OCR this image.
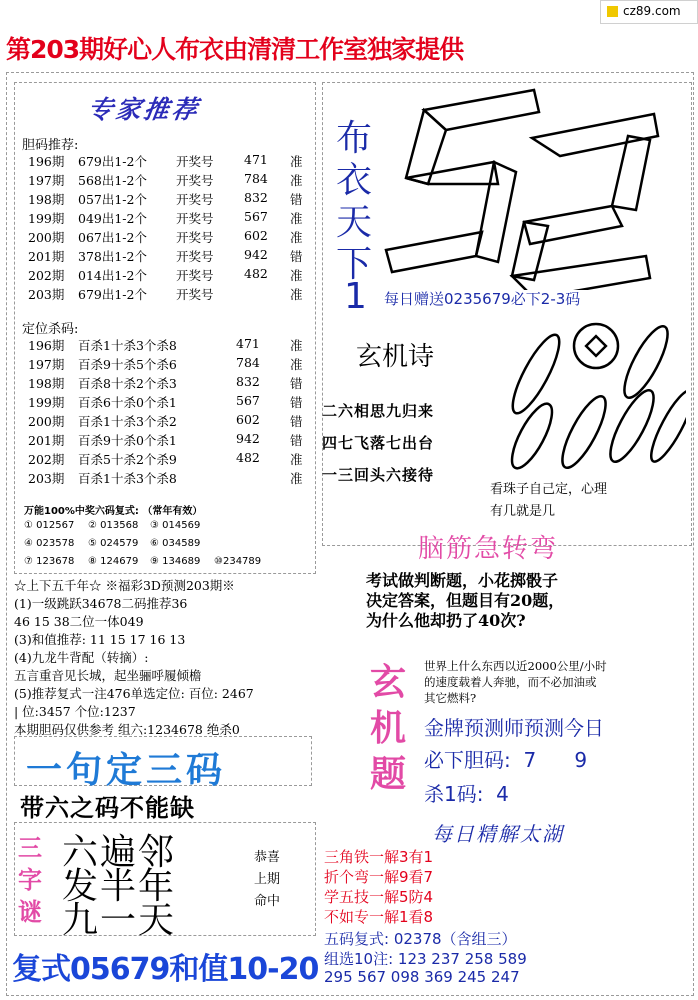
cz89.com
第203期好心人布衣由清清工作室独家提供
专家推荐
胆码推荐:
196期 679出1-2个 开奖号 471 准
197期 568出1-2个 开奖号 784 准
198期 057出1-2个 开奖号 832 错
199期 049出1-2个 开奖号 567 准
200期 067出1-2个 开奖号 602 准
201期 378出1-2个 开奖号 942 错
202期 014出1-2个 开奖号 482 准
203期 679出1-2个 开奖号	准
定位杀码:
196期 百杀1十杀3个杀8	471 准
197期 百杀9十杀5个杀6	784 准
198期 百杀8十杀2个杀3	832 错
199期 百杀6十杀0个杀1	567 错
200期 百杀1十杀3个杀2	602 错
201期 百杀9十杀0个杀1	942 错
202期 百杀5十杀2个杀9	482 准
203期 百杀1十杀3个杀8	准
万能100%中奖六码复式: （常年有效）
① 012567 ② 013568 ③ 014569
④ 023578 ⑤ 024579 ⑥ 034589
⑦ 123678 ⑧ 124679 ⑨ 134689 ⑩234789
☆上下五千年☆ ※福彩3D预测203期※
(1)一级跳跃34678二码推荐36
46 15 38二位一体049
(3)和值推荐: 11 15 17 16 13
(4)九龙牛背配（转摘）:
五言重音见长城，起坐骊呼履倾檐
(5)推荐复式一注476单选定位: 百位: 2467
| 位:3457 个位:1237
本期胆码仅供参考 组六:1234678 绝杀0
一句定三码
带六之码不能缺
三
字
谜
六遍邻
发半年
九一天
恭喜
上期
命中
复式05679和值10-20
布
衣
天
下
1 每日赠送0235679必下2-3码
玄机诗
二六相思九归来
四七飞落七出台
一三回头六接待
看珠子自己定，心理
有几就是几
脑筋急转弯
考试做判断题，小花掷骰子
决定答案，但题目有20题，
为什么他却扔了40次?
玄
机
题
世界上什么东西以近2000公里/小时
的速度载着人奔驰，而不必加油或
其它燃料?
金牌预测师预测今日
必下胆码:  7      9
杀1码:  4
每日精解太湖
三角铁一解3有1
折个弯一解9看7
学五技一解5防4
不如专一解1看8
五码复式: 02378（含组三）
组选10注: 123 237 258 589
295 567 098 369 245 247
